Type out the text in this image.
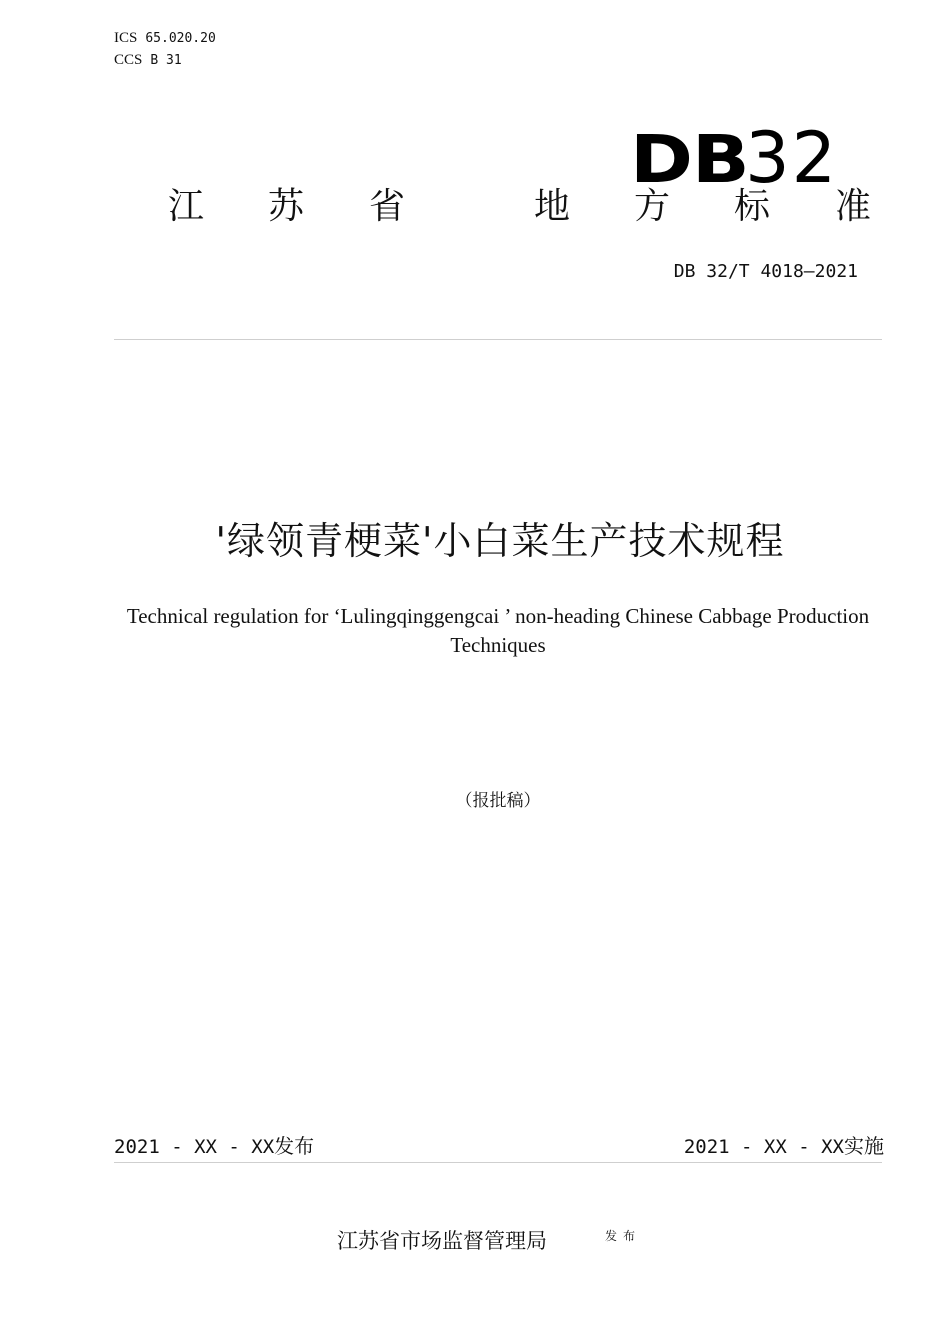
ICS 65.020.20
CCS B 31
DB32
江 苏 省	地 方 标 准
DB 32/T 4018—2021
'绿领青梗菜'小白菜生产技术规程
Technical regulation for ‘Lulingqinggengcai ’ non-heading Chinese Cabbage Production Techniques
（报批稿）
2021 - XX - XX发布	2021 - XX - XX实施
江苏省市场监督管理局	发布
